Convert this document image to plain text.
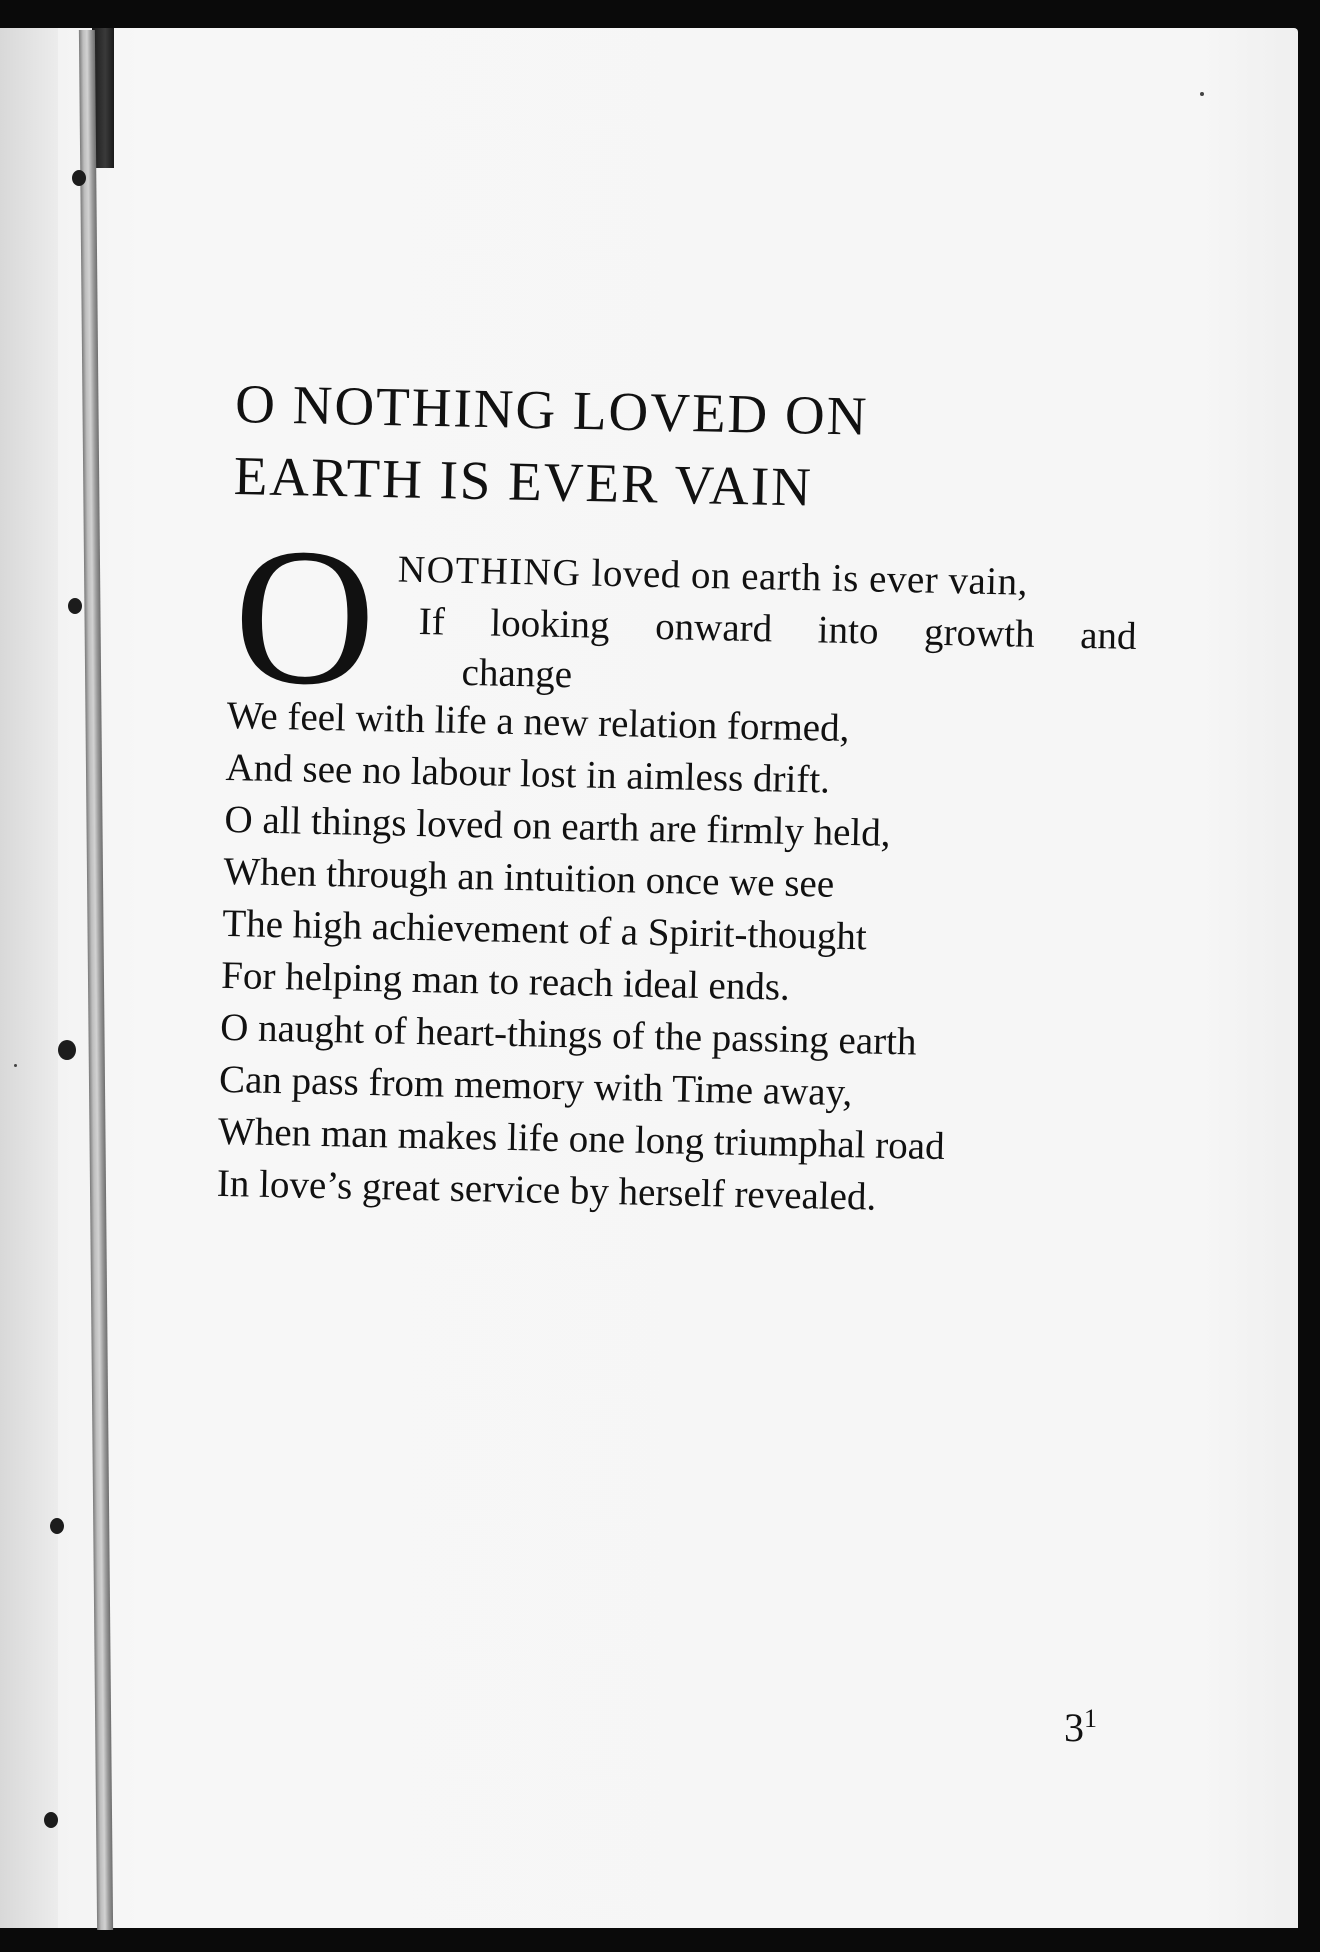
O NOTHING LOVED ON
EARTH IS EVER VAIN
O NOTHING loved on earth is ever vain,
If looking onward into growth and
change
We feel with life a new relation formed,
And see no labour lost in aimless drift.
O all things loved on earth are firmly held,
When through an intuition once we see
The high achievement of a Spirit-thought
For helping man to reach ideal ends.
O naught of heart-things of the passing earth
Can pass from memory with Time away,
When man makes life one long triumphal road
In love’s great service by herself revealed.
$3^1$
